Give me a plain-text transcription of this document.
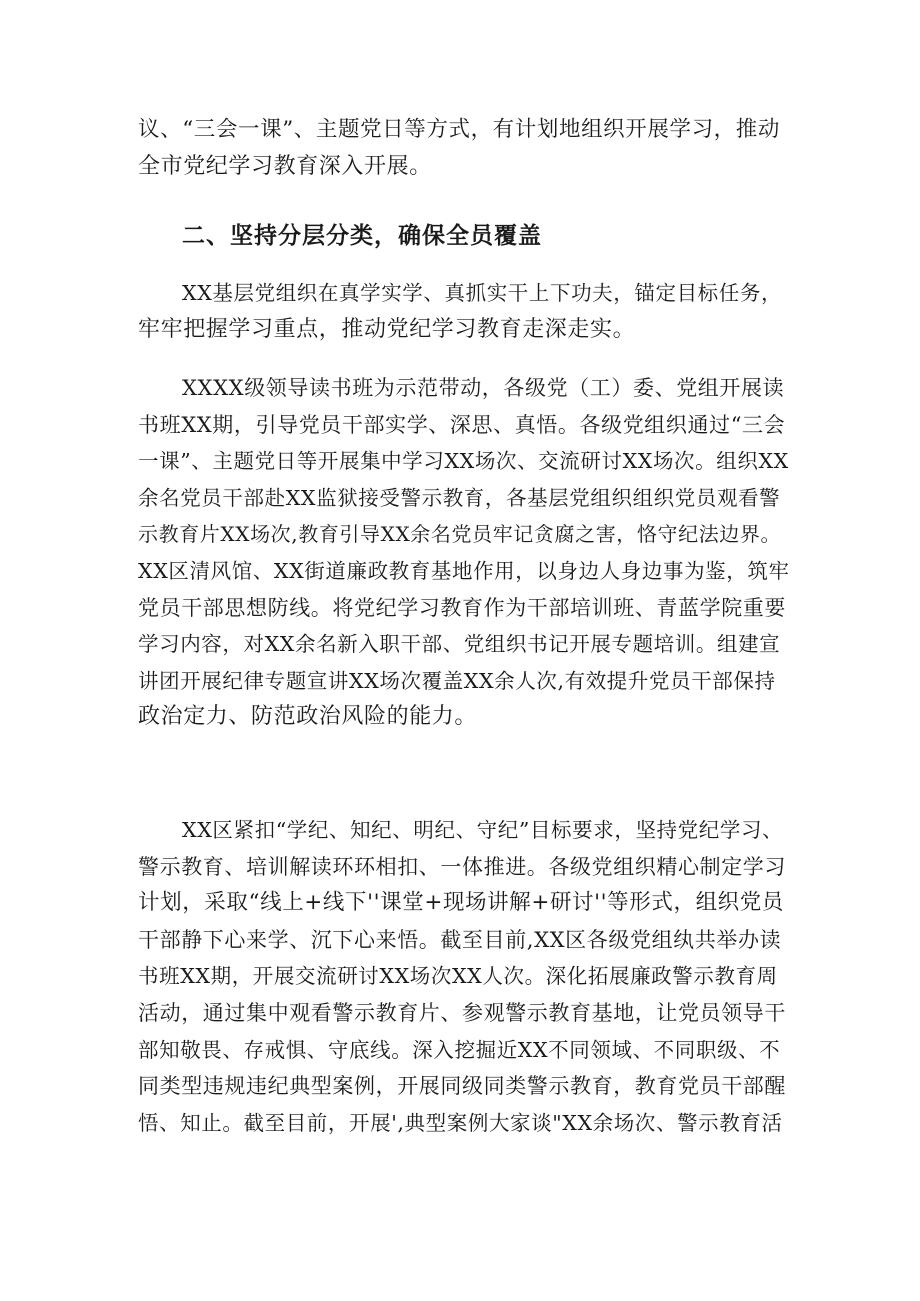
议、“三会一课”、主题党日等方式，有计划地组织开展学习，推动
全市党纪学习教育深入开展。
二、坚持分层分类，确保全员覆盖
XX基层党组织在真学实学、真抓实干上下功夫，锚定目标任务，
牢牢把握学习重点，推动党纪学习教育走深走实。
XXXX级领导读书班为示范带动，各级党（工）委、党组开展读
书班XX期，引导党员干部实学、深思、真悟。各级党组织通过“三会
一课”、主题党日等开展集中学习XX场次、交流研讨XX场次。组织XX
余名党员干部赴XX监狱接受警示教育，各基层党组织组织党员观看警
示教育片XX场次,教育引导XX余名党员牢记贪腐之害，恪守纪法边界。
XX区清风馆、XX街道廉政教育基地作用，以身边人身边事为鉴，筑牢
党员干部思想防线。将党纪学习教育作为干部培训班、青蓝学院重要
学习内容，对XX余名新入职干部、党组织书记开展专题培训。组建宣
讲团开展纪律专题宣讲XX场次覆盖XX余人次,有效提升党员干部保持
政治定力、防范政治风险的能力。
XX区紧扣“学纪、知纪、明纪、守纪”目标要求，坚持党纪学习、
警示教育、培训解读环环相扣、一体推进。各级党组织精心制定学习
计划，采取“线上+线下''课堂+现场讲解+研讨''等形式，组织党员
干部静下心来学、沉下心来悟。截至目前,XX区各级党组纨共举办读
书班XX期，开展交流研讨XX场次XX人次。深化拓展廉政警示教育周
活动，通过集中观看警示教育片、参观警示教育基地，让党员领导干
部知敬畏、存戒惧、守底线。深入挖掘近XX不同领域、不同职级、不
同类型违规违纪典型案例，开展同级同类警示教育，教育党员干部醒
悟、知止。截至目前，开展',典型案例大家谈"XX余场次、警示教育活
